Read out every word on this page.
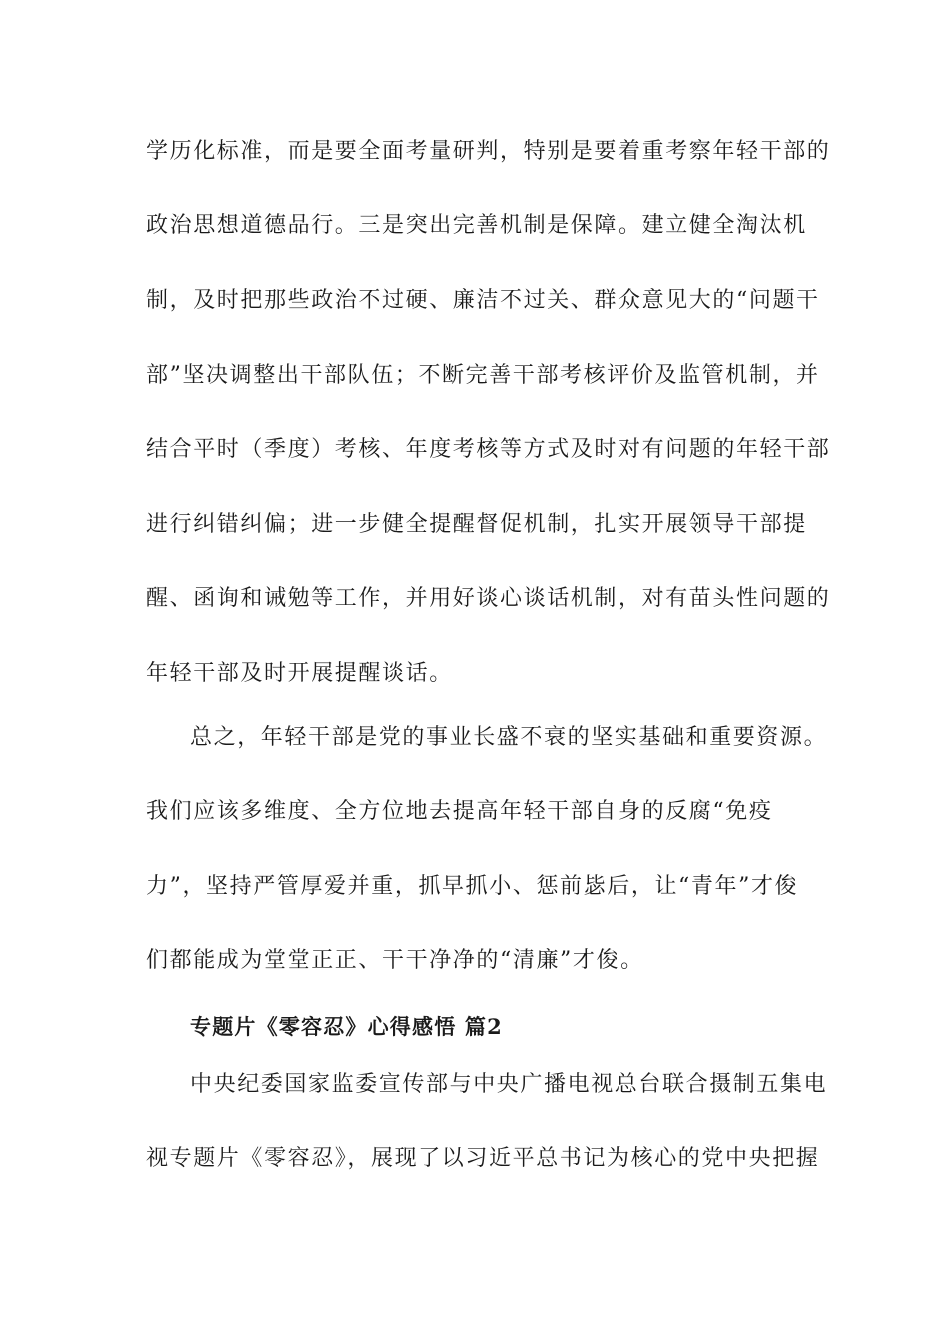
学历化标准，而是要全面考量研判，特别是要着重考察年轻干部的
政治思想道德品行。三是突出完善机制是保障。建立健全淘汰机
制，及时把那些政治不过硬、廉洁不过关、群众意见大的“问题干
部”坚决调整出干部队伍；不断完善干部考核评价及监管机制，并
结合平时（季度）考核、年度考核等方式及时对有问题的年轻干部
进行纠错纠偏；进一步健全提醒督促机制，扎实开展领导干部提
醒、函询和诫勉等工作，并用好谈心谈话机制，对有苗头性问题的
年轻干部及时开展提醒谈话。
总之，年轻干部是党的事业长盛不衰的坚实基础和重要资源。
我们应该多维度、全方位地去提高年轻干部自身的反腐“免疫
力”，坚持严管厚爱并重，抓早抓小、惩前毖后，让“青年”才俊
们都能成为堂堂正正、干干净净的“清廉”才俊。
专题片《零容忍》心得感悟 篇2
中央纪委国家监委宣传部与中央广播电视总台联合摄制五集电
视专题片《零容忍》，展现了以习近平总书记为核心的党中央把握
